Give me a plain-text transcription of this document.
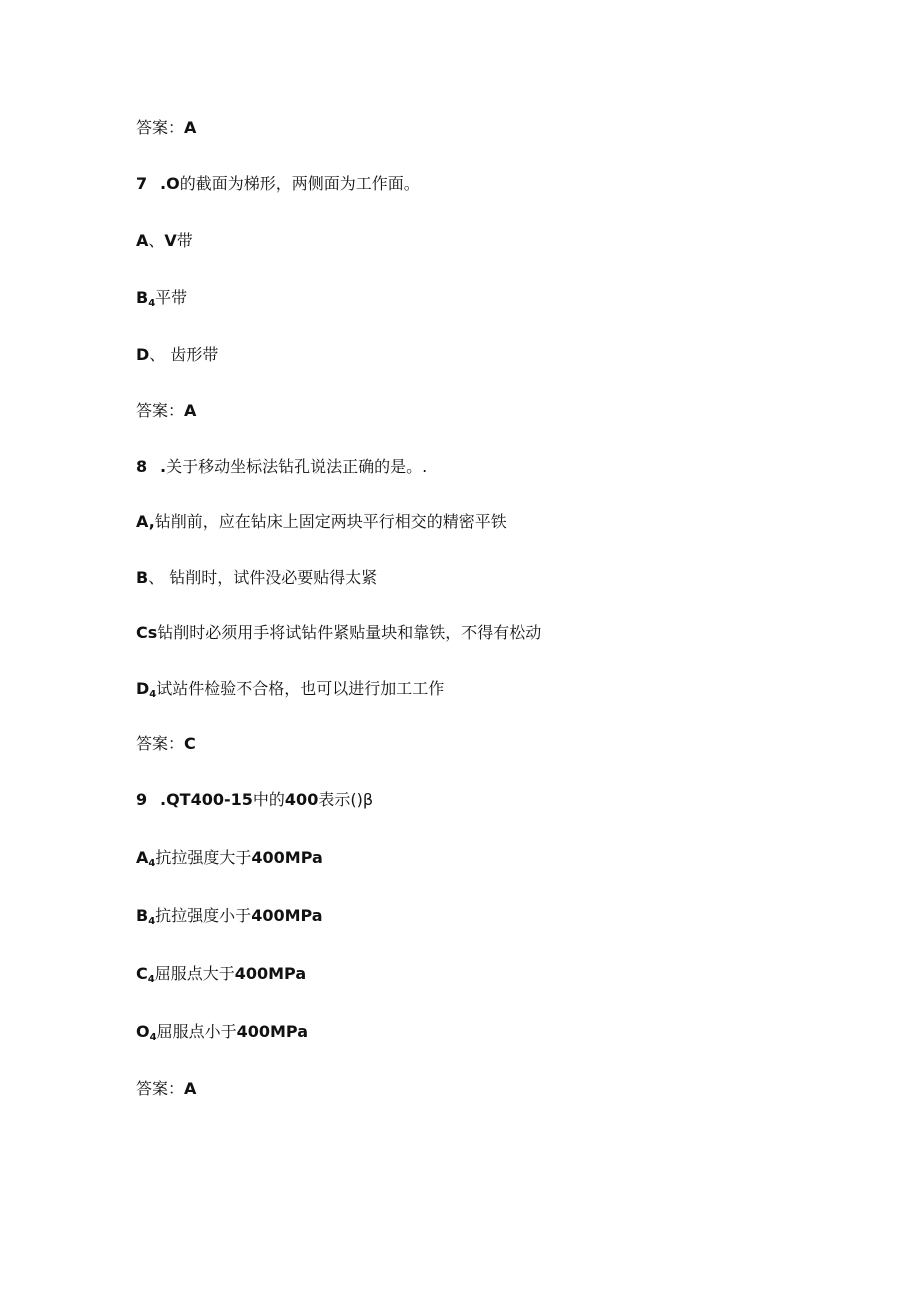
答案：A
7 .O的截面为梯形，两侧面为工作面。
A、V带
$B_4$平带
D、 齿形带
答案：A
8 .关于移动坐标法钻孔说法正确的是。.
A,钻削前，应在钻床上固定两块平行相交的精密平铁
B、 钻削时，试件没必要贴得太紧
Cs钻削时必须用手将试钻件紧贴量块和靠铁，不得有松动
$D_4$试站件检验不合格，也可以进行加工工作
答案：C
9 .QT400-15中的400表示()β
$A_4$抗拉强度大于400MPa
$B_4$抗拉强度小于400MPa
$C_4$屈服点大于400MPa
$O_4$屈服点小于400MPa
答案：A
